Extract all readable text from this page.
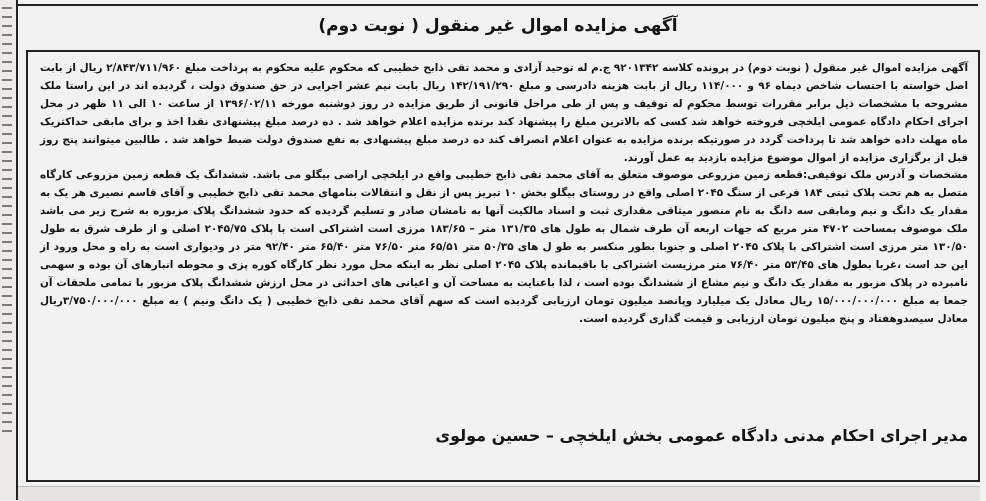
آگهی مزایده اموال غیر منقول ( نوبت دوم)

آگهی مزایده اموال غیر منقول ( نوبت دوم) در پرونده کلاسه ۹۲۰۱۳۴۲ ج.م له توحید آزادی و محمد تقی ذابح خطیبی که محکوم علیه محکوم به پرداخت مبلغ ۲/۸۴۳/۷۱۱/۹۶۰ ریال از بابت اصل خواسته با احتساب شاخص دیماه ۹۶ و ۱۱۴/۰۰۰ ریال از بابت هزینه دادرسی و مبلغ ۱۴۲/۱۹۱/۲۹۰ ریال بابت نیم عشر اجرایی در حق صندوق دولت ، گردیده اند در این راستا ملک مشروحه با مشخصات ذیل برابر مقررات توسط محکوم له توقیف و پس از طی مراحل قانونی از طریق مزایده در روز دوشنبه مورخه ۱۳۹۶/۰۲/۱۱ از ساعت ۱۰ الی ۱۱ ظهر در محل اجرای احکام دادگاه عمومی ایلخچی فروخته خواهد شد کسی که بالاترین مبلغ را پیشنهاد کند برنده مزایده اعلام خواهد شد . ده درصد مبلغ پیشنهادی نقدا اخذ و برای مابقی حداکثریک ماه مهلت داده خواهد شد تا پرداخت گردد در صورتیکه برنده مزایده به عنوان اعلام انصراف کند ده درصد مبلغ پیشنهادی به نفع صندوق دولت ضبط خواهد شد . طالبین میتوانند پنج روز قبل از برگزاری مزایده از اموال موضوع مزایده بازدید به عمل آورند.

مشخصات و آدرس ملک توقیفی:قطعه زمین مزروعی موصوف متعلق به آقای محمد تقی ذابح خطیبی واقع در ایلخچی اراضی بیگلو می باشد. ششدانگ یک قطعه زمین مزروعی کارگاه متصل به هم تحت پلاک ثبتی ۱۸۴ فرعی از سنگ ۲۰۴۵ اصلی واقع در روستای بیگلو بخش ۱۰ تبریز پس از نقل و انتقالات بنامهای محمد تقی ذابح خطیبی و آقای قاسم نصیری هر یک به مقدار یک دانگ و نیم ومابقی سه دانگ به نام منصور میثاقی مقداری ثبت و اسناد مالکیت آنها به نامشان صادر و تسلیم گردیده که حدود ششدانگ پلاک مزبوره به شرح زیر می باشد ملک موصوف بمساحت ۴۷۰۲ متر مربع که جهات اربعه آن طرف شمال به طول های ۱۳۱/۳۵ متر – ۱۸۳/۶۵ مرزی است اشتراکی است با پلاک ۲۰۴۵/۷۵ اصلی و از طرف شرق به طول ۱۳۰/۵۰ متر مرزی است اشتراکی با پلاک ۲۰۴۵ اصلی و جنوبا بطور منکسر به طو ل های ۵۰/۳۵ متر ۶۵/۵۱ متر ۷۶/۵۰ متر ۶۵/۴۰ متر ۹۲/۴۰ متر در ودیواری است به راه و محل ورود از این حد است ،غربا بطول های ۵۳/۴۵ متر ۷۶/۴۰ متر مرزیست اشتراکی با باقیمانده پلاک ۲۰۴۵ اصلی نظر به اینکه محل مورد نظر کارگاه کوره پزی و محوطه انبارهای آن بوده و سهمی نامبرده در پلاک مزبور به مقدار یک دانگ و نیم مشاع از ششدانگ بوده است ، لذا باعنایت به مساحت آن و اعیانی های احداثی در محل ارزش ششدانگ پلاک مزبور با تمامی ملحقات آن جمعا به مبلغ ۱۵/۰۰۰/۰۰۰/۰۰۰ ریال معادل یک میلیارد وپانصد میلیون تومان ارزیابی گردیده است که سهم آقای محمد تقی ذابح خطیبی ( یک دانگ ونیم ) به مبلغ ۳/۷۵۰/۰۰۰/۰۰۰ریال معادل سیصدوهفتاد و پنج میلیون تومان ارزیابی و قیمت گذاری گردیده است.

مدیر اجرای احکام مدنی دادگاه عمومی بخش ایلخچی – حسین مولوی
